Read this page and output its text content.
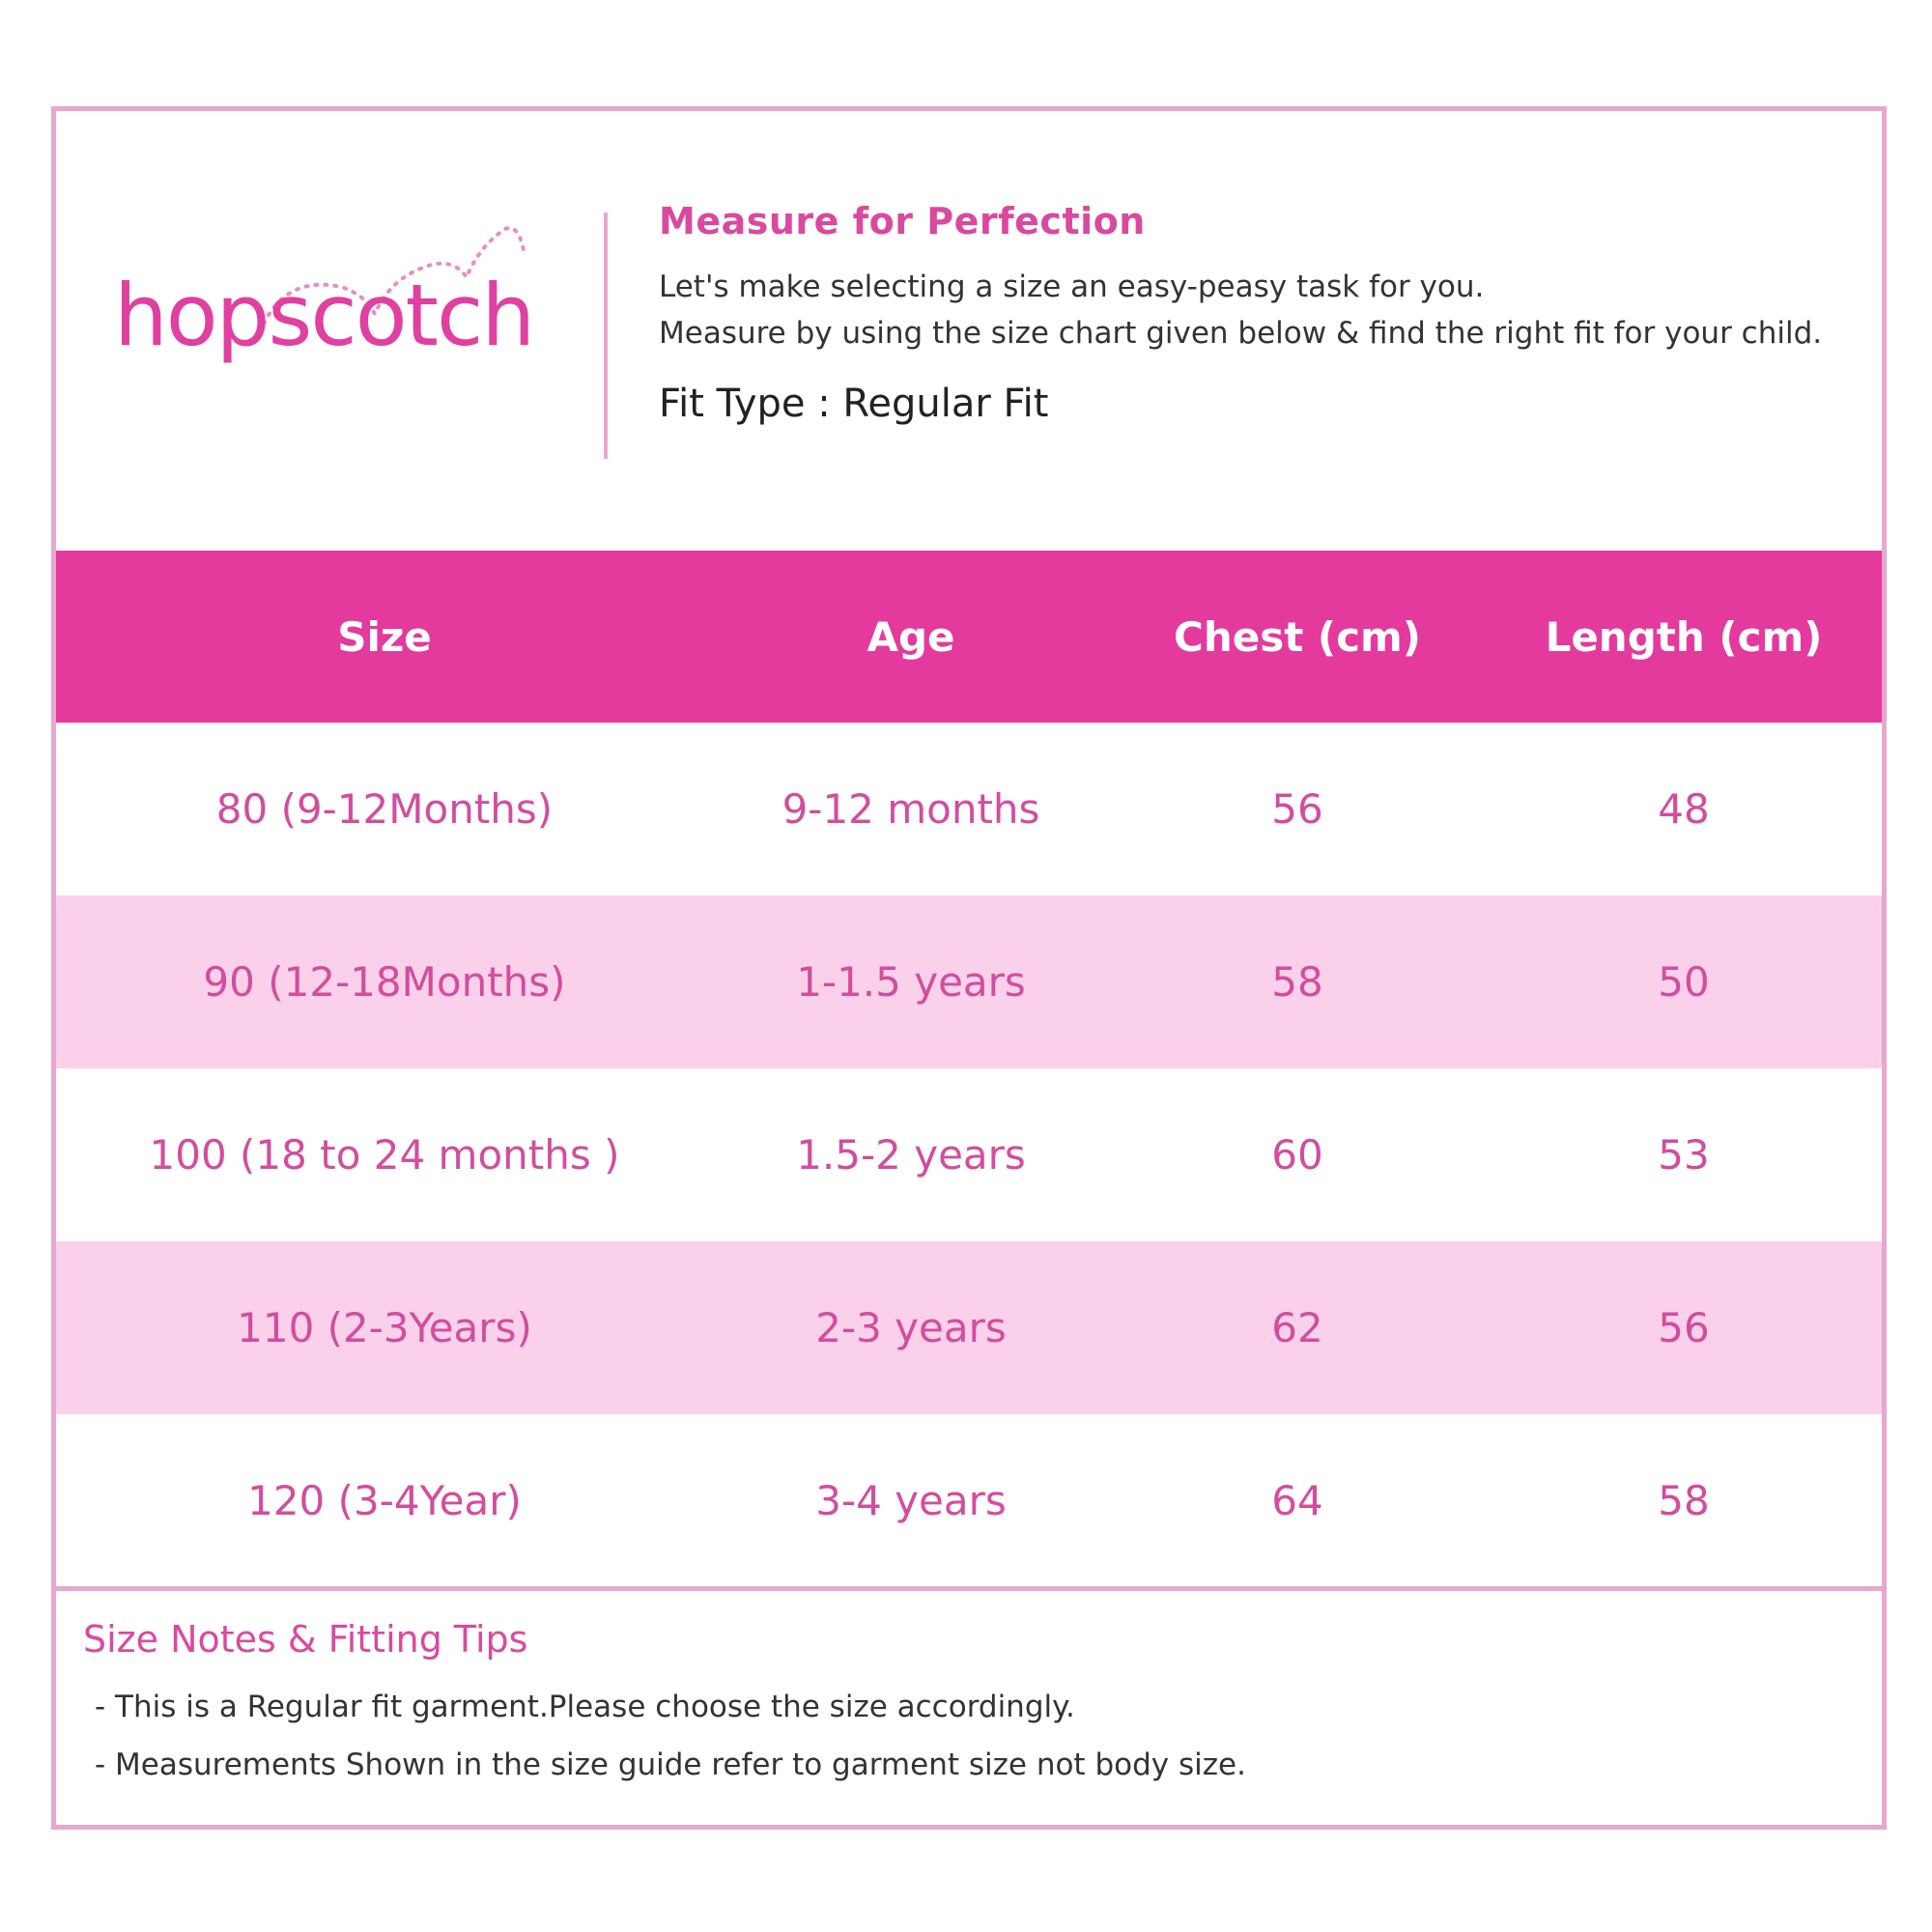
hopscotch

Measure for Perfection

Let's make selecting a size an easy-peasy task for you.

Measure by using the size chart given below & find the right fit for your child.

Fit Type : Regular Fit
Size	Age	Chest (cm)	Length (cm)
80 (9-12Months)	9-12 months	56	48
90 (12-18Months)	1-1.5 years	58	50
100 (18 to 24 months )	1.5-2 years	60	53
110 (2-3Years)	2-3 years	62	56
120 (3-4Year)	3-4 years	64	58

Size Notes & Fitting Tips

- This is a Regular fit garment.Please choose the size accordingly.

- Measurements Shown in the size guide refer to garment size not body size.
